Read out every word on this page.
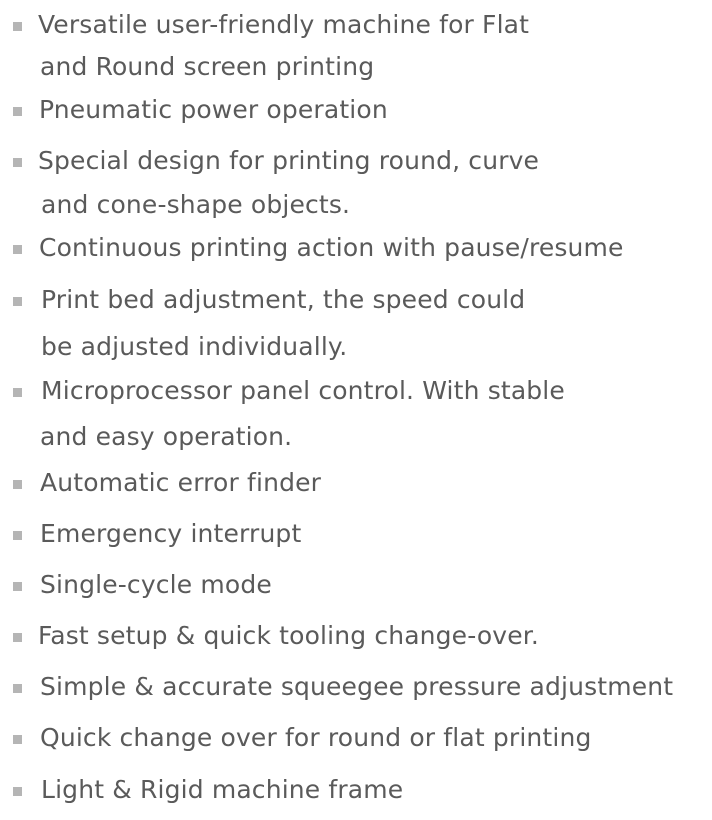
Versatile user-friendly machine for Flat
and Round screen printing
Pneumatic power operation
Special design for printing round, curve
and cone-shape objects.
Continuous printing action with pause/resume
Print bed adjustment, the speed could
be adjusted individually.
Microprocessor panel control. With stable
and easy operation.
Automatic error finder
Emergency interrupt
Single-cycle mode
Fast setup & quick tooling change-over.
Simple & accurate squeegee pressure adjustment
Quick change over for round or flat printing
Light & Rigid machine frame
